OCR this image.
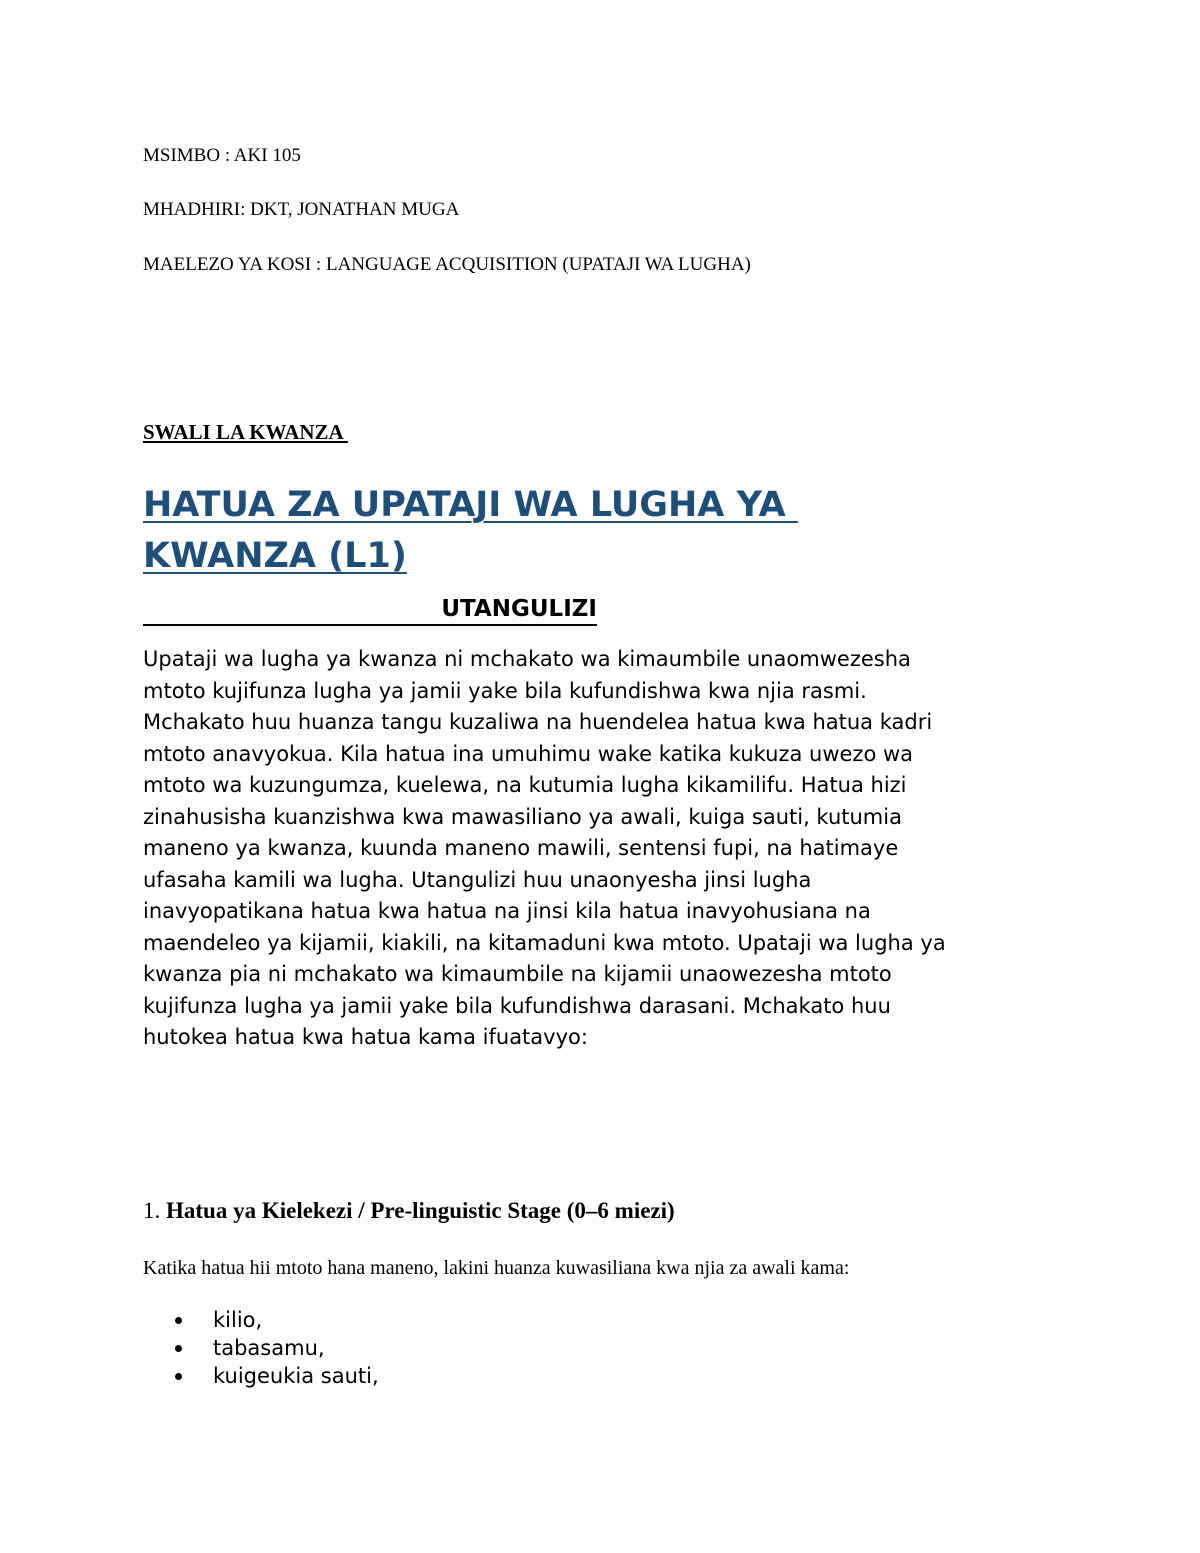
MSIMBO : AKI 105
MHADHIRI: DKT, JONATHAN MUGA
MAELEZO YA KOSI : LANGUAGE ACQUISITION (UPATAJI WA LUGHA)
SWALI LA KWANZA
HATUA ZA UPATAJI WA LUGHA YA
KWANZA (L1)
UTANGULIZI

Upataji wa lugha ya kwanza ni mchakato wa kimaumbile unaomwezesha
mtoto kujifunza lugha ya jamii yake bila kufundishwa kwa njia rasmi.
Mchakato huu huanza tangu kuzaliwa na huendelea hatua kwa hatua kadri
mtoto anavyokua. Kila hatua ina umuhimu wake katika kukuza uwezo wa
mtoto wa kuzungumza, kuelewa, na kutumia lugha kikamilifu. Hatua hizi
zinahusisha kuanzishwa kwa mawasiliano ya awali, kuiga sauti, kutumia
maneno ya kwanza, kuunda maneno mawili, sentensi fupi, na hatimaye
ufasaha kamili wa lugha. Utangulizi huu unaonyesha jinsi lugha
inavyopatikana hatua kwa hatua na jinsi kila hatua inavyohusiana na
maendeleo ya kijamii, kiakili, na kitamaduni kwa mtoto. Upataji wa lugha ya
kwanza pia ni mchakato wa kimaumbile na kijamii unaowezesha mtoto
kujifunza lugha ya jamii yake bila kufundishwa darasani. Mchakato huu
hutokea hatua kwa hatua kama ifuatavyo:

1. Hatua ya Kielekezi / Pre-linguistic Stage (0–6 miezi)
Katika hatua hii mtoto hana maneno, lakini huanza kuwasiliana kwa njia za awali kama:
kilio,
tabasamu,
kuigeukia sauti,
